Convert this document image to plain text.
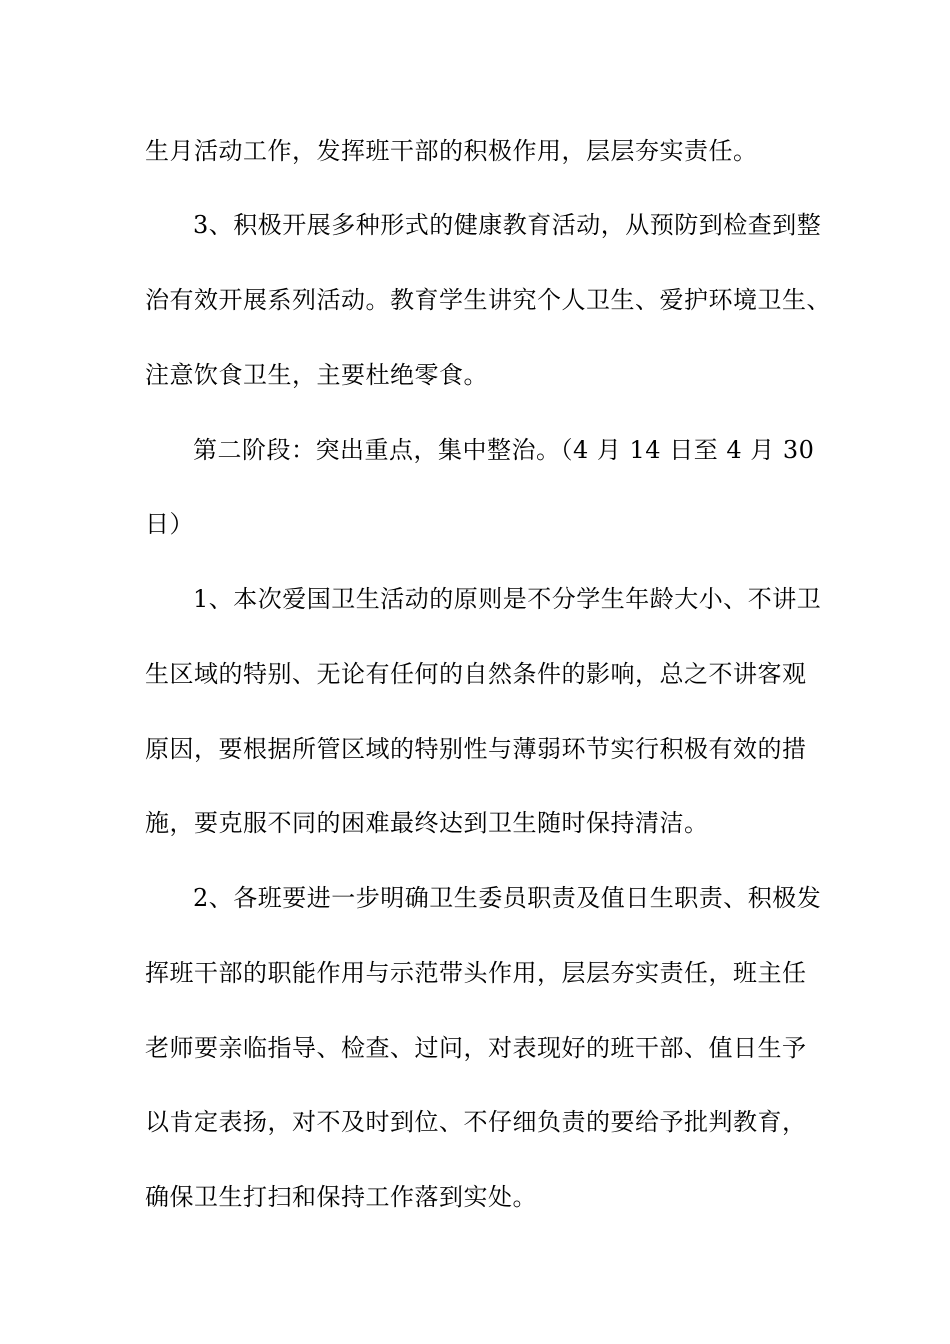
生月活动工作，发挥班干部的积极作用，层层夯实责任。
3、积极开展多种形式的健康教育活动，从预防到检查到整
治有效开展系列活动。教育学生讲究个人卫生、爱护环境卫生、
注意饮食卫生，主要杜绝零食。
第二阶段：突出重点，集中整治。（4 月 14 日至 4 月 30
日）
1、本次爱国卫生活动的原则是不分学生年龄大小、不讲卫
生区域的特别、无论有任何的自然条件的影响，总之不讲客观
原因，要根据所管区域的特别性与薄弱环节实行积极有效的措
施，要克服不同的困难最终达到卫生随时保持清洁。
2、各班要进一步明确卫生委员职责及值日生职责、积极发
挥班干部的职能作用与示范带头作用，层层夯实责任，班主任
老师要亲临指导、检查、过问，对表现好的班干部、值日生予
以肯定表扬，对不及时到位、不仔细负责的要给予批判教育，
确保卫生打扫和保持工作落到实处。
